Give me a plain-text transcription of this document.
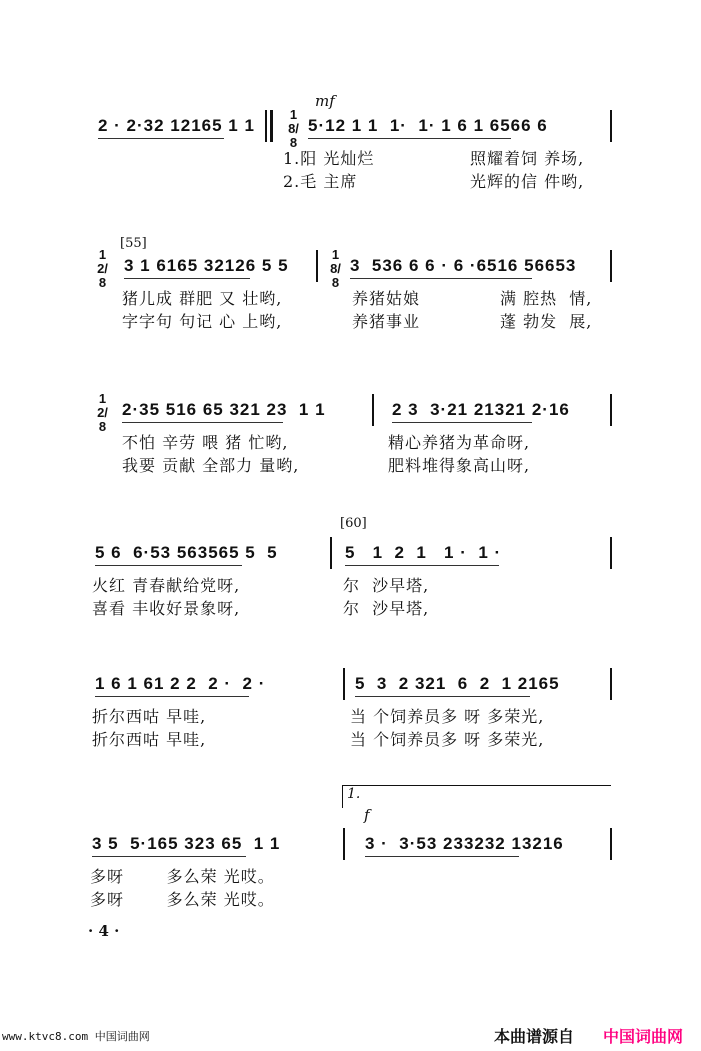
1.
mf
f
[55]
[60]
· 4 ·
www.ktvc8.com 中国词曲网	本曲谱源自 中国词曲网
2 · 2·32 12165 1 1	5·12 1 1  1·  1· 1 6 1 6566 6
1.阳 光灿烂
2.毛 主席
照耀着饲 养场,
光辉的信 件哟,
18/8
3 1 6165 32126 5 5
猪儿成 群肥 又 壮哟,
字字句 句记 心 上哟,
3  536 6 6 · 6 ·6516 56653
养猪姑娘
养猪事业
满 腔热  情,
蓬 勃发  展,
12/8
18/8
2·35 516 65 321 23  1 1
不怕 辛劳 喂 猪 忙哟,
我要 贡献 全部力 量哟,
2 3  3·21 21321 2·16
精心养猪为革命呀,
肥料堆得象高山呀,
12/8
5 6  6·53 563565 5  5
火红 青春献给党呀,
喜看 丰收好景象呀,
5   1  2  1   1 ·  1 ·
尔  沙早塔,
尔  沙早塔,
1 6 1 61 2 2  2 ·  2 ·
折尔西咕 早哇,
折尔西咕 早哇,
5  3  2 321  6  2  1 2165
当 个饲养员多 呀 多荣光,
当 个饲养员多 呀 多荣光,
3 5  5·165 323 65  1 1
多呀       多么荣 光哎。
多呀       多么荣 光哎。
3 ·  3·53 233232 13216
